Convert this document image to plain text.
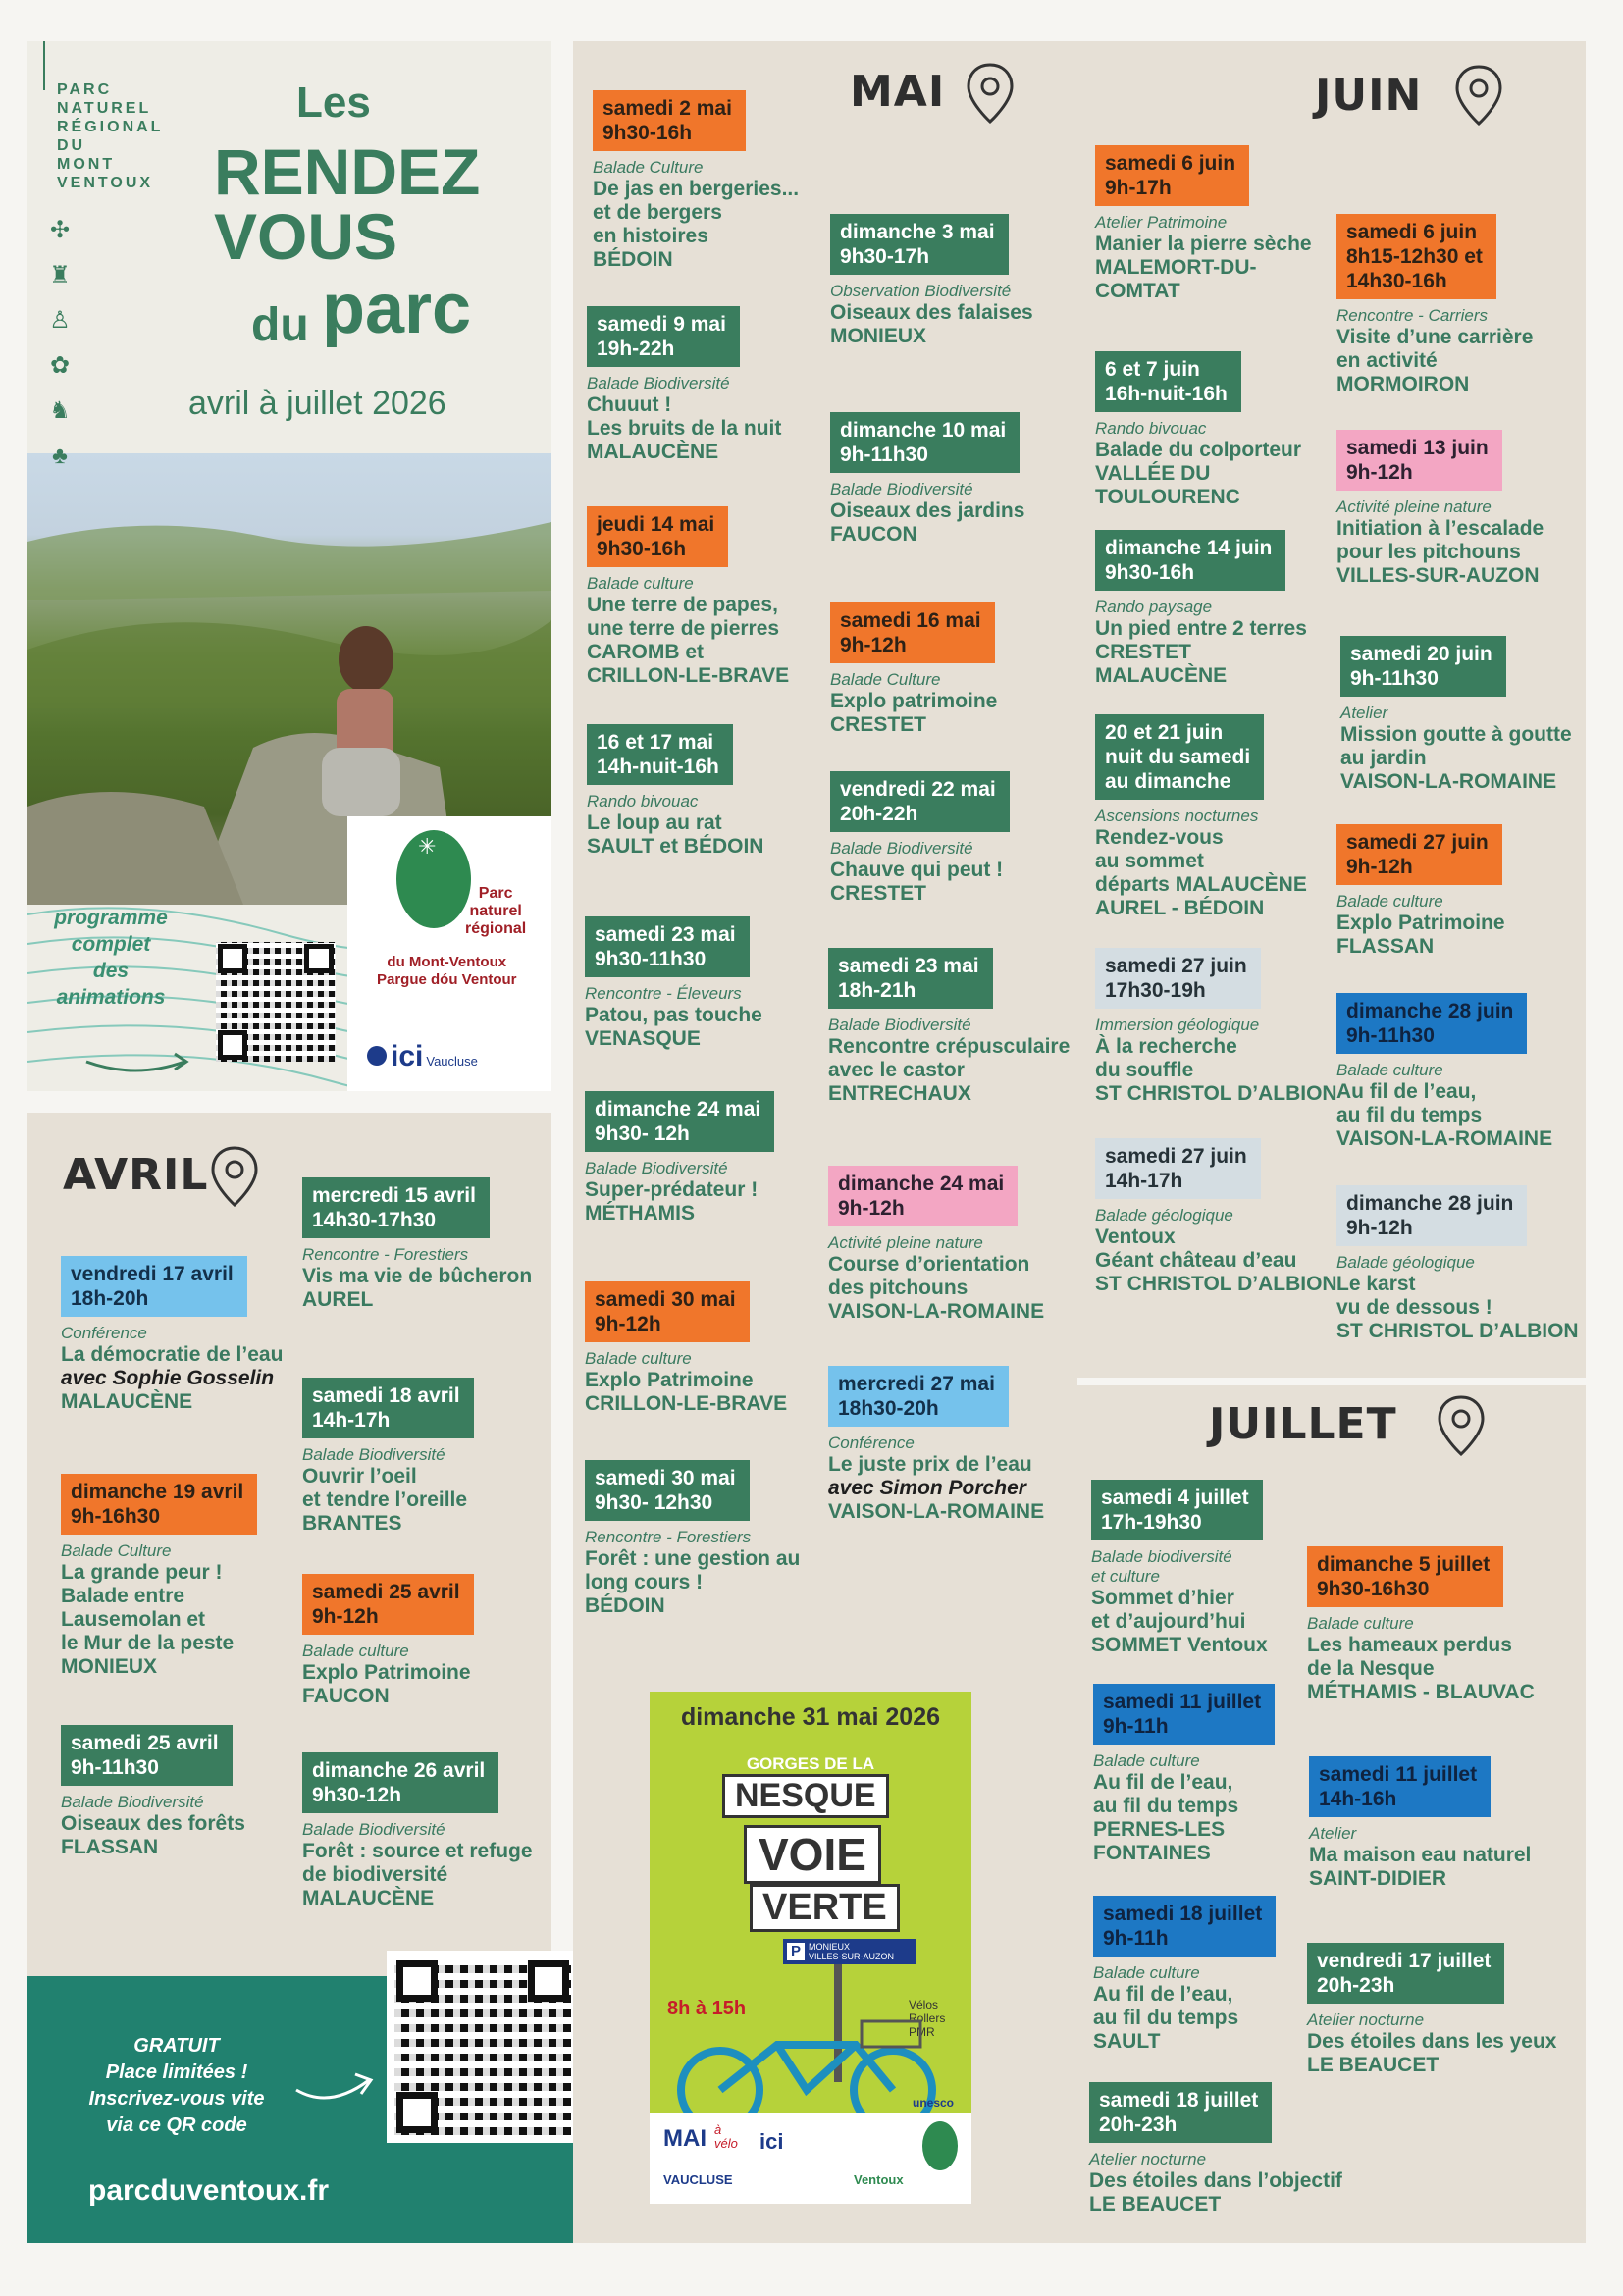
PARC
NATUREL
RÉGIONAL
DU
MONT
VENTOUX
✣
♜
♙
✿
♞
♣
Les
RENDEZ
VOUS
du parc
avril à juillet 2026
✳
Parc
naturel
régional
du Mont-Ventoux
Pargue dóu Ventour
ici Vaucluse
programme
complet
des animations
GRATUIT
Place limitées !
Inscrivez-vous vite
via ce QR code
parcduventoux.fr
AVRIL	mercredi 15 avril
14h30-17h30
Rencontre - Forestiers
Vis ma vie de bûcheron
AUREL
vendredi 17 avril
18h-20h
Conférence
La démocratie de l’eau
avec Sophie Gosselin
MALAUCÈNE	samedi 18 avril
14h-17h
Balade Biodiversité
Ouvrir l’oeil
et tendre l’oreille
BRANTES
dimanche 19 avril
9h-16h30
Balade Culture
La grande peur !
Balade entre
Lausemolan et
le Mur de la peste
MONIEUX
samedi 25 avril
9h-12h
Balade culture
Explo Patrimoine
FAUCON
samedi 25 avril
9h-11h30
Balade Biodiversité
Oiseaux des forêts
FLASSAN
dimanche 26 avril
9h30-12h
Balade Biodiversité
Forêt : source et refuge
de biodiversité
MALAUCÈNE
MAI
samedi 2 mai
9h30-16h
Balade Culture
De jas en bergeries...
et de bergers
en histoires
BÉDOIN
dimanche 3 mai
9h30-17h
Observation Biodiversité
Oiseaux des falaises
MONIEUX
samedi 9 mai
19h-22h
Balade Biodiversité
Chuuut !
Les bruits de la nuit
MALAUCÈNE
dimanche 10 mai
9h-11h30
Balade Biodiversité
Oiseaux des jardins
FAUCON
jeudi 14 mai
9h30-16h
Balade culture
Une terre de papes,
une terre de pierres
CAROMB et
CRILLON-LE-BRAVE
samedi 16 mai
9h-12h
Balade Culture
Explo patrimoine
CRESTET
16 et 17 mai
14h-nuit-16h
Rando bivouac
Le loup au rat
SAULT et BÉDOIN
vendredi 22 mai
20h-22h
Balade Biodiversité
Chauve qui peut !
CRESTET
samedi 23 mai
9h30-11h30
Rencontre - Éleveurs
Patou, pas touche
VENASQUE
samedi 23 mai
18h-21h
Balade Biodiversité
Rencontre crépusculaire
avec le castor
ENTRECHAUX
dimanche 24 mai
9h30- 12h
Balade Biodiversité
Super-prédateur !
MÉTHAMIS
dimanche 24 mai
9h-12h
Activité pleine nature
Course d’orientation
des pitchouns
VAISON-LA-ROMAINE
samedi 30 mai
9h-12h
Balade culture
Explo Patrimoine
CRILLON-LE-BRAVE
mercredi 27 mai
18h30-20h
Conférence
Le juste prix de l’eau
avec Simon Porcher
VAISON-LA-ROMAINE
samedi 30 mai
9h30- 12h30
Rencontre - Forestiers
Forêt : une gestion au
long cours !
BÉDOIN
dimanche 31 mai 2026
GORGES DE LA
NESQUE
VOIE
VERTE
P MONIEUX
VILLES-SUR-AUZON
8h à 15h	Vélos
Rollers
PMR
unesco
MAI à
vélo ici
VAUCLUSE	Ventoux
JUIN
samedi 6 juin
9h-17h
Atelier Patrimoine
Manier la pierre sèche
MALEMORT-DU-
COMTAT
samedi 6 juin
8h15-12h30 et
14h30-16h
Rencontre - Carriers
Visite d’une carrière
en activité
MORMOIRON
6 et 7 juin
16h-nuit-16h
Rando bivouac
Balade du colporteur
VALLÉE DU
TOULOURENC
samedi 13 juin
9h-12h
Activité pleine nature
Initiation à l’escalade
pour les pitchouns
VILLES-SUR-AUZON
dimanche 14 juin
9h30-16h
Rando paysage
Un pied entre 2 terres
CRESTET
MALAUCÈNE
samedi 20 juin
9h-11h30
Atelier
Mission goutte à goutte
au jardin
VAISON-LA-ROMAINE
20 et 21 juin
nuit du samedi
au dimanche
Ascensions nocturnes
Rendez-vous
au sommet
départs MALAUCÈNE
AUREL - BÉDOIN
samedi 27 juin
9h-12h
Balade culture
Explo Patrimoine
FLASSAN
samedi 27 juin
17h30-19h
Immersion géologique
À la recherche
du souffle
ST CHRISTOL D’ALBION
dimanche 28 juin
9h-11h30
Balade culture
Au fil de l’eau,
au fil du temps
VAISON-LA-ROMAINE
samedi 27 juin
14h-17h
Balade géologique
Ventoux
Géant château d’eau
ST CHRISTOL D’ALBION
dimanche 28 juin
9h-12h
Balade géologique
Le karst
vu de dessous !
ST CHRISTOL D’ALBION
JUILLET
samedi 4 juillet
17h-19h30
Balade biodiversité
et culture
Sommet d’hier
et d’aujourd’hui
SOMMET Ventoux
dimanche 5 juillet
9h30-16h30
Balade culture
Les hameaux perdus
de la Nesque
MÉTHAMIS - BLAUVAC
samedi 11 juillet
9h-11h
Balade culture
Au fil de l’eau,
au fil du temps
PERNES-LES
FONTAINES
samedi 11 juillet
14h-16h
Atelier
Ma maison eau naturel
SAINT-DIDIER
samedi 18 juillet
9h-11h
Balade culture
Au fil de l’eau,
au fil du temps
SAULT
vendredi 17 juillet
20h-23h
Atelier nocturne
Des étoiles dans les yeux
LE BEAUCET
samedi 18 juillet
20h-23h
Atelier nocturne
Des étoiles dans l’objectif
LE BEAUCET
